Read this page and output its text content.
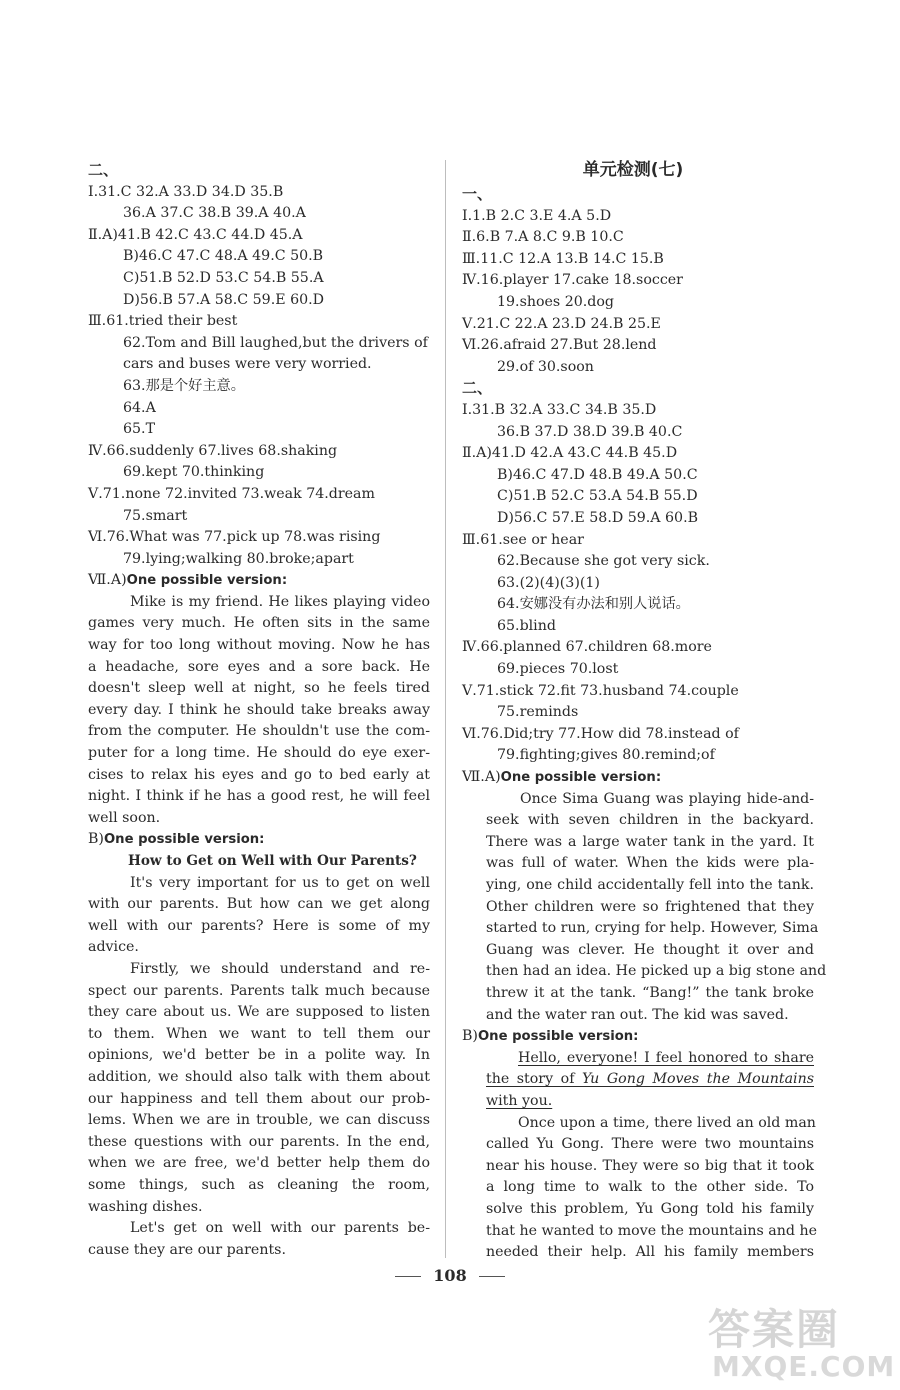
二、
Ⅰ.31.C 32.A 33.D 34.D 35.B
36.A 37.C 38.B 39.A 40.A
Ⅱ.A)41.B 42.C 43.C 44.D 45.A
B)46.C 47.C 48.A 49.C 50.B
C)51.B 52.D 53.C 54.B 55.A
D)56.B 57.A 58.C 59.E 60.D
Ⅲ.61.tried their best
62.Tom and Bill laughed,but the drivers of
cars and buses were very worried.
63.那是个好主意。
64.A
65.T
Ⅳ.66.suddenly 67.lives 68.shaking
69.kept 70.thinking
Ⅴ.71.none 72.invited 73.weak 74.dream
75.smart
Ⅵ.76.What was 77.pick up 78.was rising
79.lying;walking 80.broke;apart
Ⅶ.A)One possible version:
Mike is my friend. He likes playing video
games very much. He often sits in the same
way for too long without moving. Now he has
a headache, sore eyes and a sore back. He
doesn't sleep well at night, so he feels tired
every day. I think he should take breaks away
from the computer. He shouldn't use the com-
puter for a long time. He should do eye exer-
cises to relax his eyes and go to bed early at
night. I think if he has a good rest, he will feel
well soon.
B)One possible version:
How to Get on Well with Our Parents?
It's very important for us to get on well
with our parents. But how can we get along
well with our parents? Here is some of my
advice.
Firstly, we should understand and re-
spect our parents. Parents talk much because
they care about us. We are supposed to listen
to them. When we want to tell them our
opinions, we'd better be in a polite way. In
addition, we should also talk with them about
our happiness and tell them about our prob-
lems. When we are in trouble, we can discuss
these questions with our parents. In the end,
when we are free, we'd better help them do
some things, such as cleaning the room,
washing dishes.
Let's get on well with our parents be-
cause they are our parents.
单元检测(七)
一、
Ⅰ.1.B 2.C 3.E 4.A 5.D
Ⅱ.6.B 7.A 8.C 9.B 10.C
Ⅲ.11.C 12.A 13.B 14.C 15.B
Ⅳ.16.player 17.cake 18.soccer
19.shoes 20.dog
Ⅴ.21.C 22.A 23.D 24.B 25.E
Ⅵ.26.afraid 27.But 28.lend
29.of 30.soon
二、
Ⅰ.31.B 32.A 33.C 34.B 35.D
36.B 37.D 38.D 39.B 40.C
Ⅱ.A)41.D 42.A 43.C 44.B 45.D
B)46.C 47.D 48.B 49.A 50.C
C)51.B 52.C 53.A 54.B 55.D
D)56.C 57.E 58.D 59.A 60.B
Ⅲ.61.see or hear
62.Because she got very sick.
63.(2)(4)(3)(1)
64.安娜没有办法和别人说话。
65.blind
Ⅳ.66.planned 67.children 68.more
69.pieces 70.lost
Ⅴ.71.stick 72.fit 73.husband 74.couple
75.reminds
Ⅵ.76.Did;try 77.How did 78.instead of
79.fighting;gives 80.remind;of
Ⅶ.A)One possible version:
Once Sima Guang was playing hide-and-
seek with seven children in the backyard.
There was a large water tank in the yard. It
was full of water. When the kids were pla-
ying, one child accidentally fell into the tank.
Other children were so frightened that they
started to run, crying for help. However, Sima
Guang was clever. He thought it over and
then had an idea. He picked up a big stone and
threw it at the tank. “Bang!” the tank broke
and the water ran out. The kid was saved.
B)One possible version:
Hello, everyone! I feel honored to share
the story of Yu Gong Moves the Mountains
with you.
Once upon a time, there lived an old man
called Yu Gong. There were two mountains
near his house. They were so big that it took
a long time to walk to the other side. To
solve this problem, Yu Gong told his family
that he wanted to move the mountains and he
needed their help. All his family members
108
答案圈
MXQE.COM
